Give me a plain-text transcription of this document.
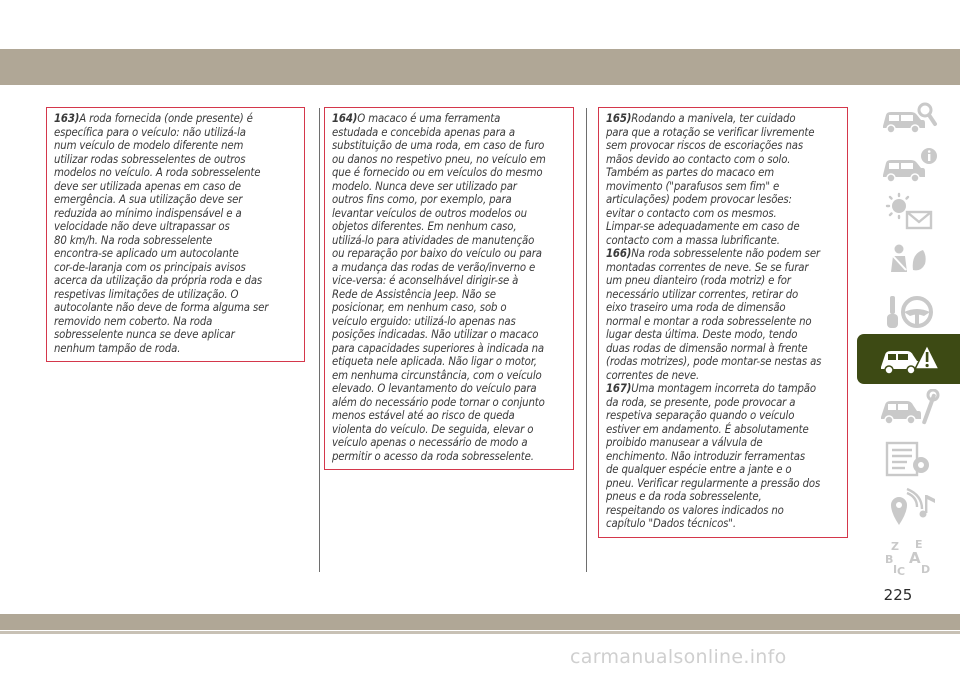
163)A roda fornecida (onde presente) é
específica para o veículo: não utilizá-la
num veículo de modelo diferente nem
utilizar rodas sobresselentes de outros
modelos no veículo. A roda sobresselente
deve ser utilizada apenas em caso de
emergência. A sua utilização deve ser
reduzida ao mínimo indispensável e a
velocidade não deve ultrapassar os
80 km/h. Na roda sobresselente
encontra-se aplicado um autocolante
cor-de-laranja com os principais avisos
acerca da utilização da própria roda e das
respetivas limitações de utilização. O
autocolante não deve de forma alguma ser
removido nem coberto. Na roda
sobresselente nunca se deve aplicar
nenhum tampão de roda.

164)O macaco é uma ferramenta
estudada e concebida apenas para a
substituição de uma roda, em caso de furo
ou danos no respetivo pneu, no veículo em
que é fornecido ou em veículos do mesmo
modelo. Nunca deve ser utilizado par
outros fins como, por exemplo, para
levantar veículos de outros modelos ou
objetos diferentes. Em nenhum caso,
utilizá-lo para atividades de manutenção
ou reparação por baixo do veículo ou para
a mudança das rodas de verão/inverno e
vice-versa: é aconselhável dirigir-se à
Rede de Assistência Jeep. Não se
posicionar, em nenhum caso, sob o
veículo erguido: utilizá-lo apenas nas
posições indicadas. Não utilizar o macaco
para capacidades superiores à indicada na
etiqueta nele aplicada. Não ligar o motor,
em nenhuma circunstância, com o veículo
elevado. O levantamento do veículo para
além do necessário pode tornar o conjunto
menos estável até ao risco de queda
violenta do veículo. De seguida, elevar o
veículo apenas o necessário de modo a
permitir o acesso da roda sobresselente.

165)Rodando a manivela, ter cuidado
para que a rotação se verificar livremente
sem provocar riscos de escoriações nas
mãos devido ao contacto com o solo.
Também as partes do macaco em
movimento ("parafusos sem fim" e
articulações) podem provocar lesões:
evitar o contacto com os mesmos.
Limpar-se adequadamente em caso de
contacto com a massa lubrificante.

166)Na roda sobresselente não podem ser
montadas correntes de neve. Se se furar
um pneu dianteiro (roda motriz) e for
necessário utilizar correntes, retirar do
eixo traseiro uma roda de dimensão
normal e montar a roda sobresselente no
lugar desta última. Deste modo, tendo
duas rodas de dimensão normal à frente
(rodas motrizes), pode montar-se nestas as
correntes de neve.

167)Uma montagem incorreta do tampão
da roda, se presente, pode provocar a
respetiva separação quando o veículo
estiver em andamento. É absolutamente
proibido manusear a válvula de
enchimento. Não introduzir ferramentas
de qualquer espécie entre a jante e o
pneu. Verificar regularmente a pressão dos
pneus e da roda sobresselente,
respeitando os valores indicados no
capítulo "Dados técnicos".

Z E
B A
C D
I
225
carmanualsonline.info
